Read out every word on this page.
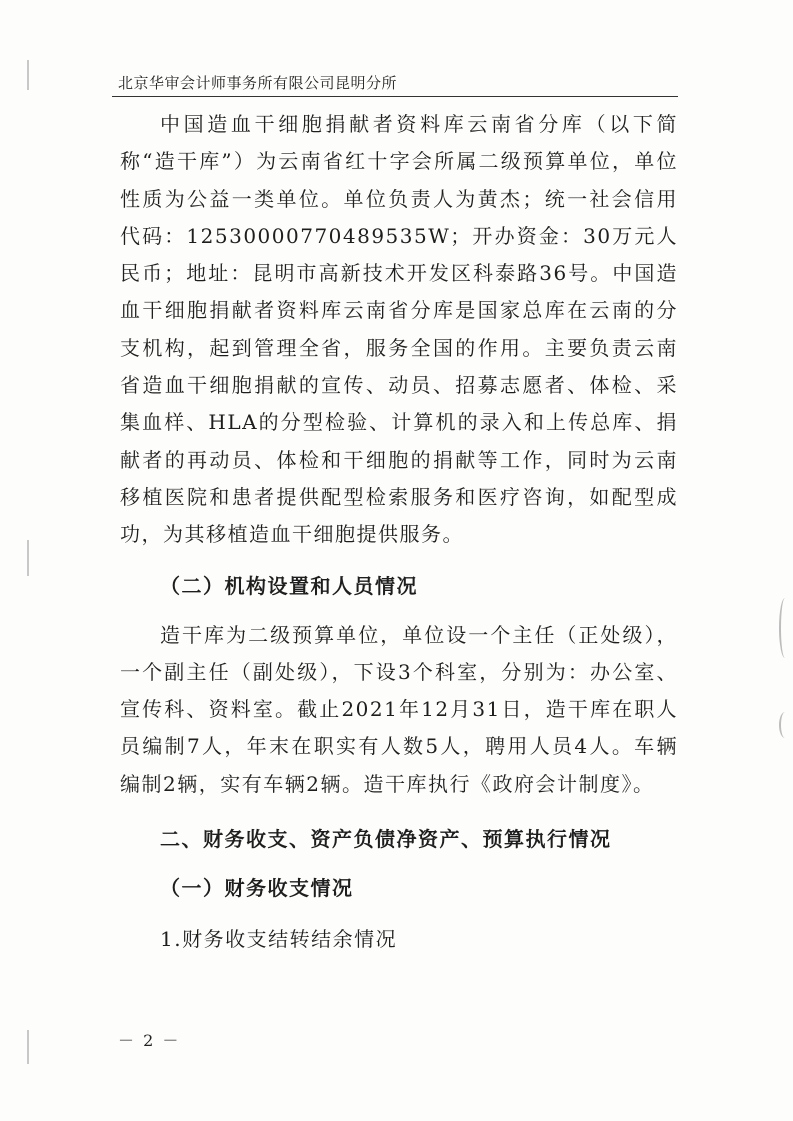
北京华审会计师事务所有限公司昆明分所

中国造血干细胞捐献者资料库云南省分库（以下简称“造干库”）为云南省红十字会所属二级预算单位，单位性质为公益一类单位。单位负责人为黄杰；统一社会信用代码：12530000770489535W；开办资金：30万元人民币；地址：昆明市高新技术开发区科泰路36号。中国造血干细胞捐献者资料库云南省分库是国家总库在云南的分支机构，起到管理全省，服务全国的作用。主要负责云南省造血干细胞捐献的宣传、动员、招募志愿者、体检、采集血样、HLA的分型检验、计算机的录入和上传总库、捐献者的再动员、体检和干细胞的捐献等工作，同时为云南移植医院和患者提供配型检索服务和医疗咨询，如配型成功，为其移植造血干细胞提供服务。

（二）机构设置和人员情况

造干库为二级预算单位，单位设一个主任（正处级），一个副主任（副处级），下设3个科室，分别为：办公室、宣传科、资料室。截止2021年12月31日，造干库在职人员编制7人，年末在职实有人数5人，聘用人员4人。车辆编制2辆，实有车辆2辆。造干库执行《政府会计制度》。

二、财务收支、资产负债净资产、预算执行情况

（一）财务收支情况

1.财务收支结转结余情况

－ 2 －
